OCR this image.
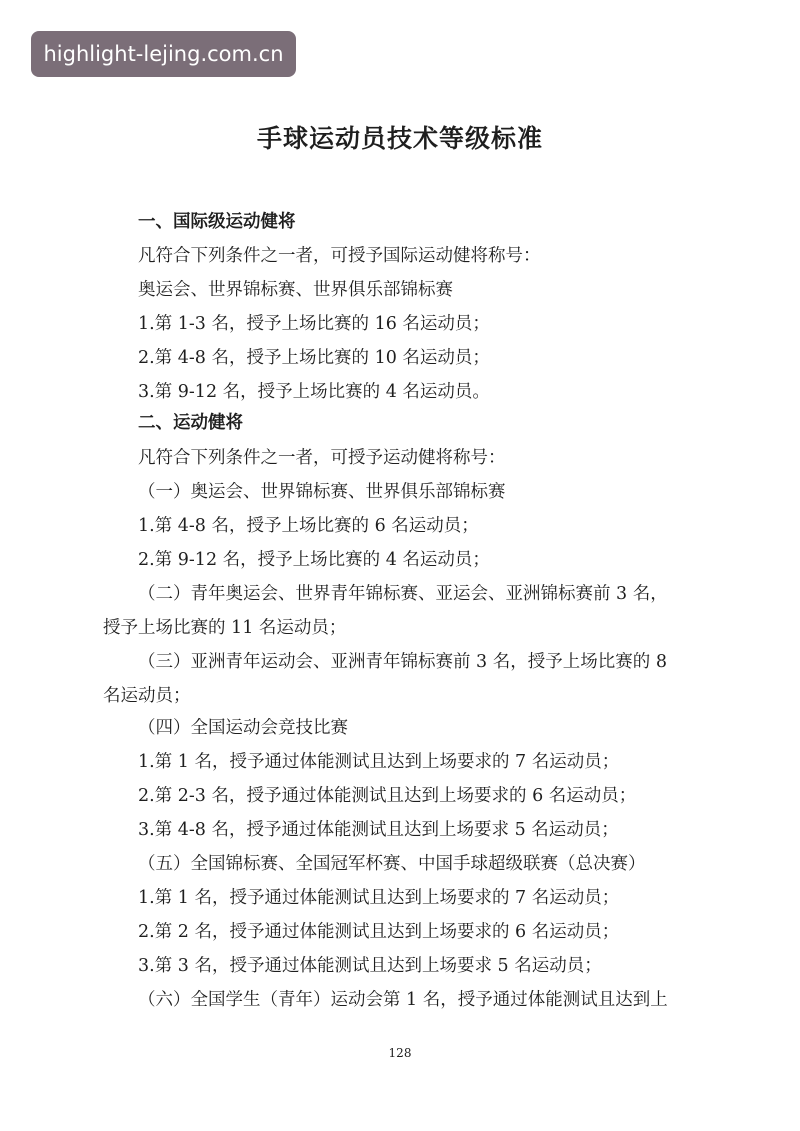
highlight-lejing.com.cn
手球运动员技术等级标准
一、国际级运动健将
凡符合下列条件之一者，可授予国际运动健将称号：
奥运会、世界锦标赛、世界俱乐部锦标赛
1.第 1-3 名，授予上场比赛的 16 名运动员；
2.第 4-8 名，授予上场比赛的 10 名运动员；
3.第 9-12 名，授予上场比赛的 4 名运动员。
二、运动健将
凡符合下列条件之一者，可授予运动健将称号：
（一）奥运会、世界锦标赛、世界俱乐部锦标赛
1.第 4-8 名，授予上场比赛的 6 名运动员；
2.第 9-12 名，授予上场比赛的 4 名运动员；
（二）青年奥运会、世界青年锦标赛、亚运会、亚洲锦标赛前 3 名，
授予上场比赛的 11 名运动员；
（三）亚洲青年运动会、亚洲青年锦标赛前 3 名，授予上场比赛的 8
名运动员；
（四）全国运动会竞技比赛
1.第 1 名，授予通过体能测试且达到上场要求的 7 名运动员；
2.第 2-3 名，授予通过体能测试且达到上场要求的 6 名运动员；
3.第 4-8 名，授予通过体能测试且达到上场要求 5 名运动员；
（五）全国锦标赛、全国冠军杯赛、中国手球超级联赛（总决赛）
1.第 1 名，授予通过体能测试且达到上场要求的 7 名运动员；
2.第 2 名，授予通过体能测试且达到上场要求的 6 名运动员；
3.第 3 名，授予通过体能测试且达到上场要求 5 名运动员；
（六）全国学生（青年）运动会第 1 名，授予通过体能测试且达到上
128
